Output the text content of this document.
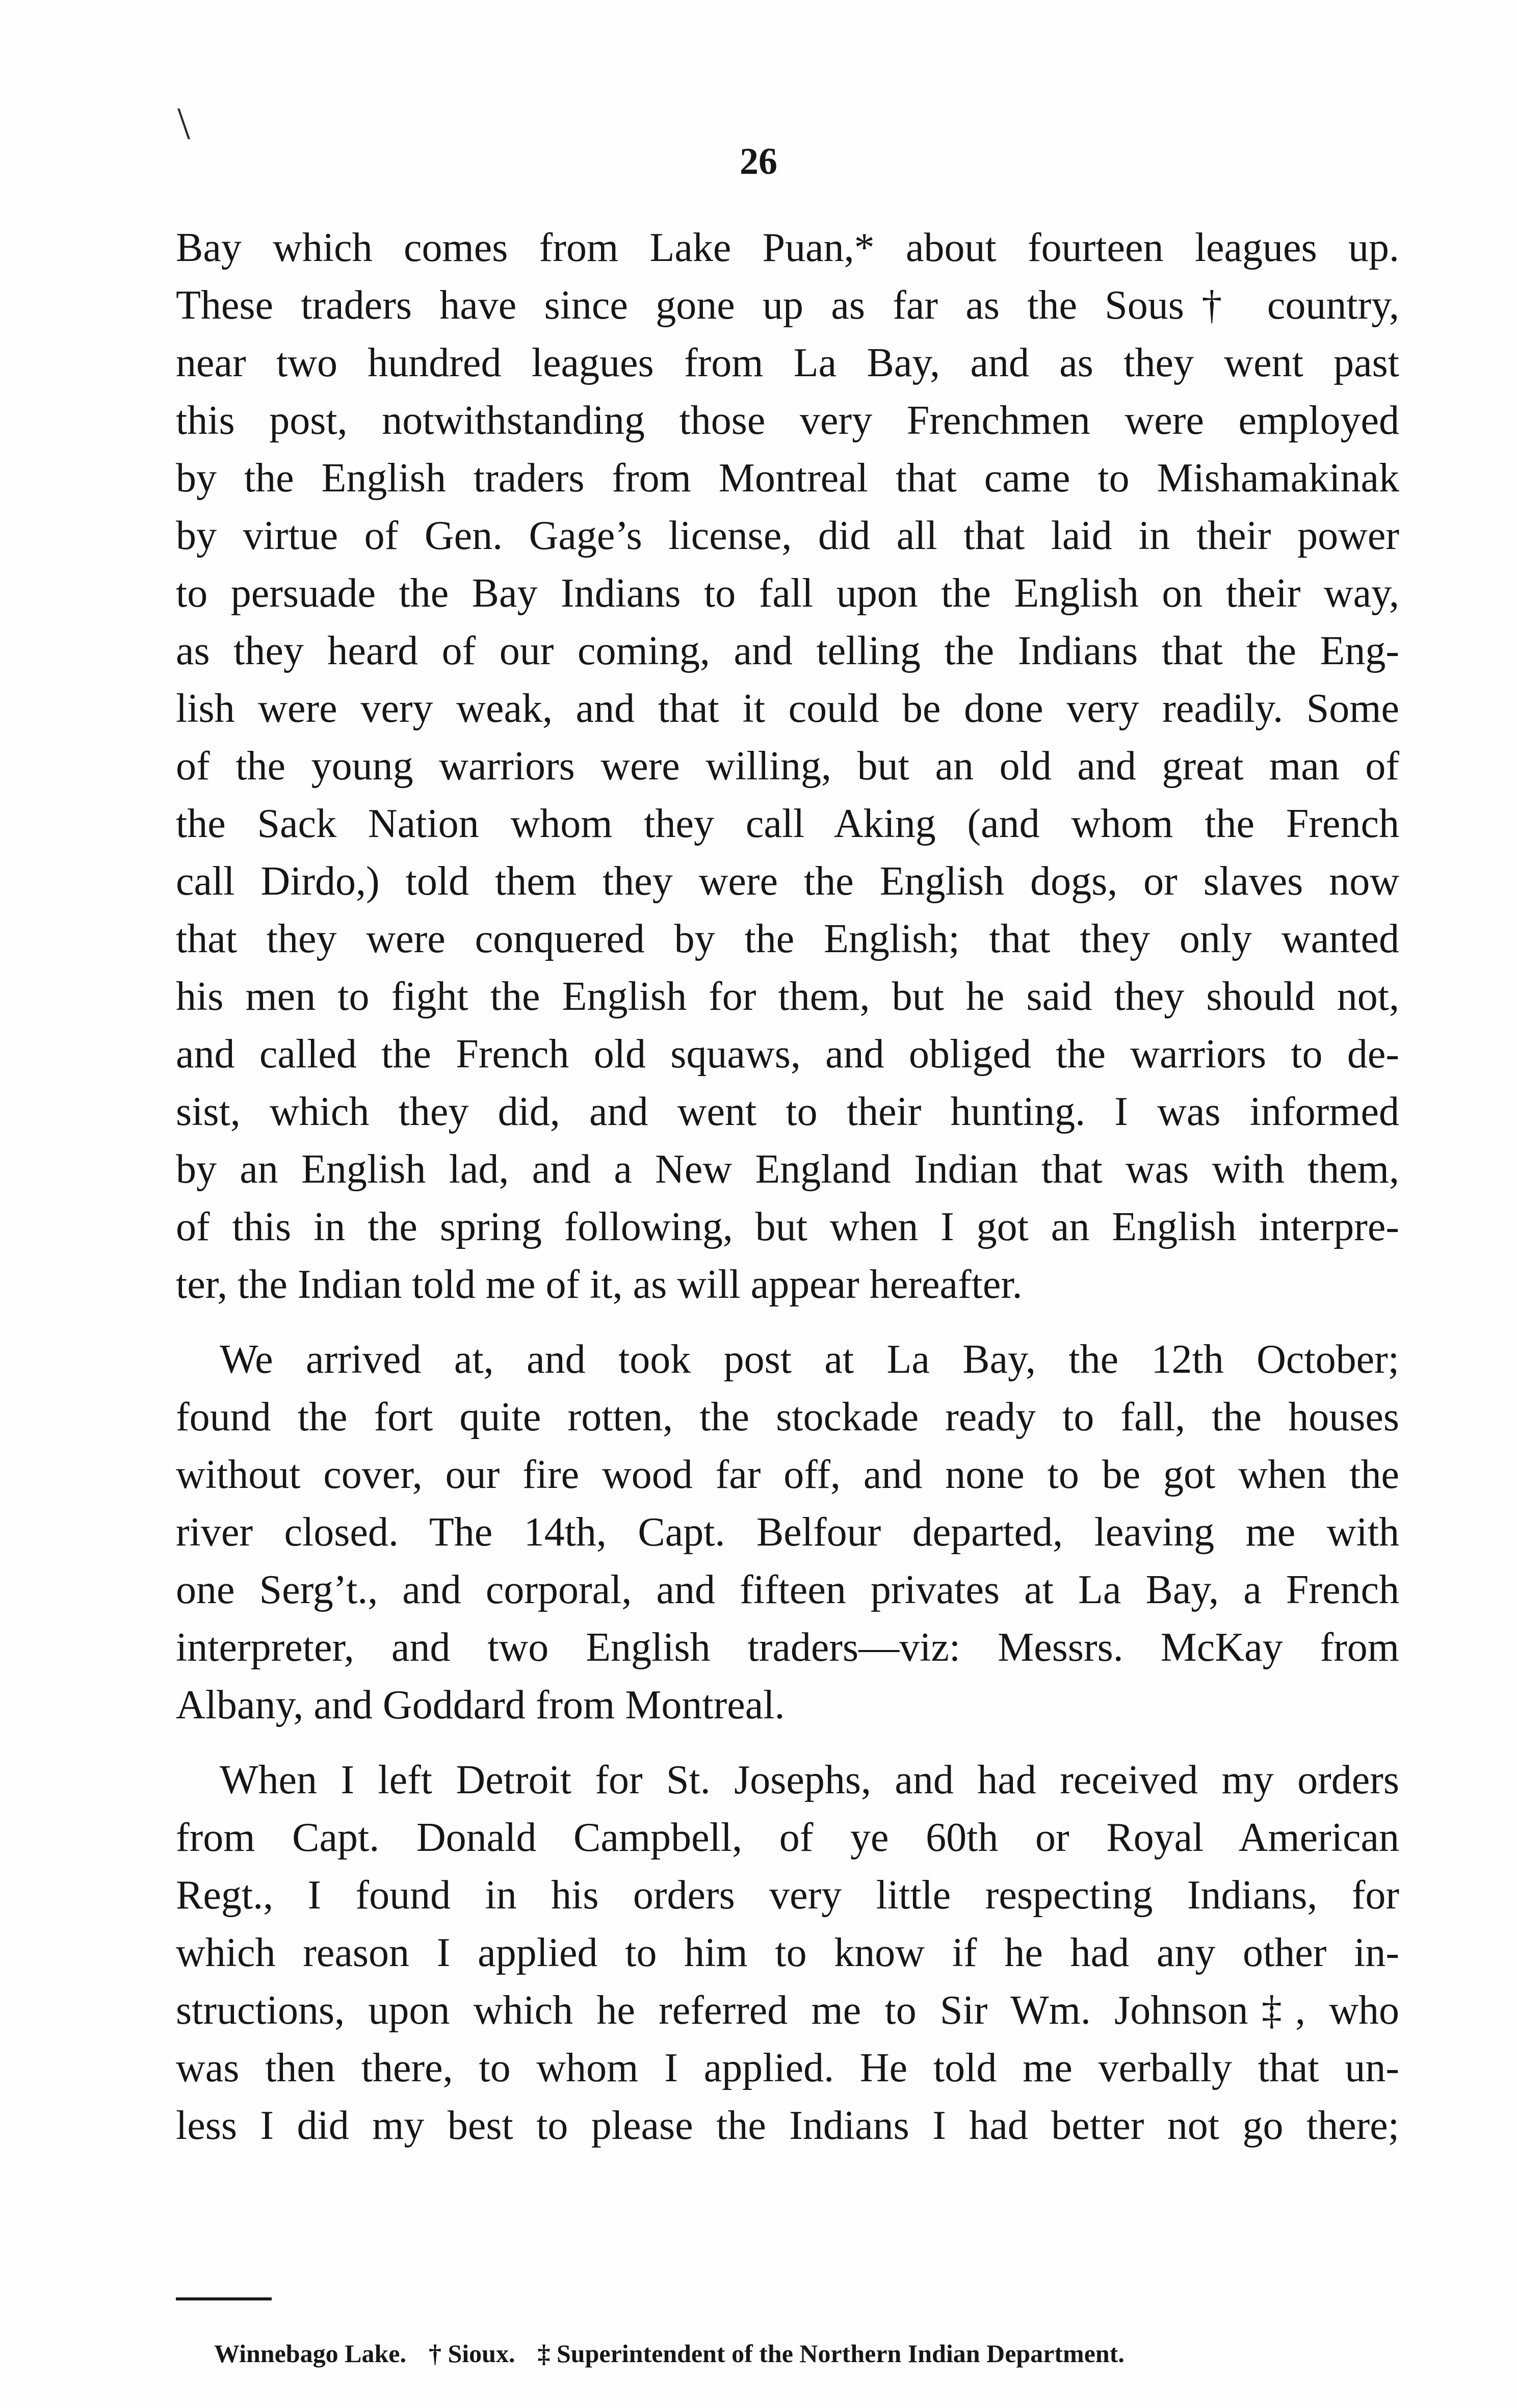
\
26

Bay which comes from Lake Puan,* about fourteen leagues up.
These traders have since gone up as far as the Sous† country,
near two hundred leagues from La Bay, and as they went past
this post, notwithstanding those very Frenchmen were employed
by the English traders from Montreal that came to Mishamakinak
by virtue of Gen. Gage’s license, did all that laid in their power
to persuade the Bay Indians to fall upon the English on their way,
as they heard of our coming, and telling the Indians that the Eng-
lish were very weak, and that it could be done very readily. Some
of the young warriors were willing, but an old and great man of
the Sack Nation whom they call Aking (and whom the French
call Dirdo,) told them they were the English dogs, or slaves now
that they were conquered by the English; that they only wanted
his men to fight the English for them, but he said they should not,
and called the French old squaws, and obliged the warriors to de-
sist, which they did, and went to their hunting. I was informed
by an English lad, and a New England Indian that was with them,
of this in the spring following, but when I got an English interpre-
ter, the Indian told me of it, as will appear hereafter.

We arrived at, and took post at La Bay, the 12th October;
found the fort quite rotten, the stockade ready to fall, the houses
without cover, our fire wood far off, and none to be got when the
river closed. The 14th, Capt. Belfour departed, leaving me with
one Serg’t., and corporal, and fifteen privates at La Bay, a French
interpreter, and two English traders—viz: Messrs. McKay from
Albany, and Goddard from Montreal.

When I left Detroit for St. Josephs, and had received my orders
from Capt. Donald Campbell, of ye 60th or Royal American
Regt., I found in his orders very little respecting Indians, for
which reason I applied to him to know if he had any other in-
structions, upon which he referred me to Sir Wm. Johnson‡, who
was then there, to whom I applied. He told me verbally that un-
less I did my best to please the Indians I had better not go there;

Winnebago Lake. † Sioux. ‡ Superintendent of the Northern Indian Department.
